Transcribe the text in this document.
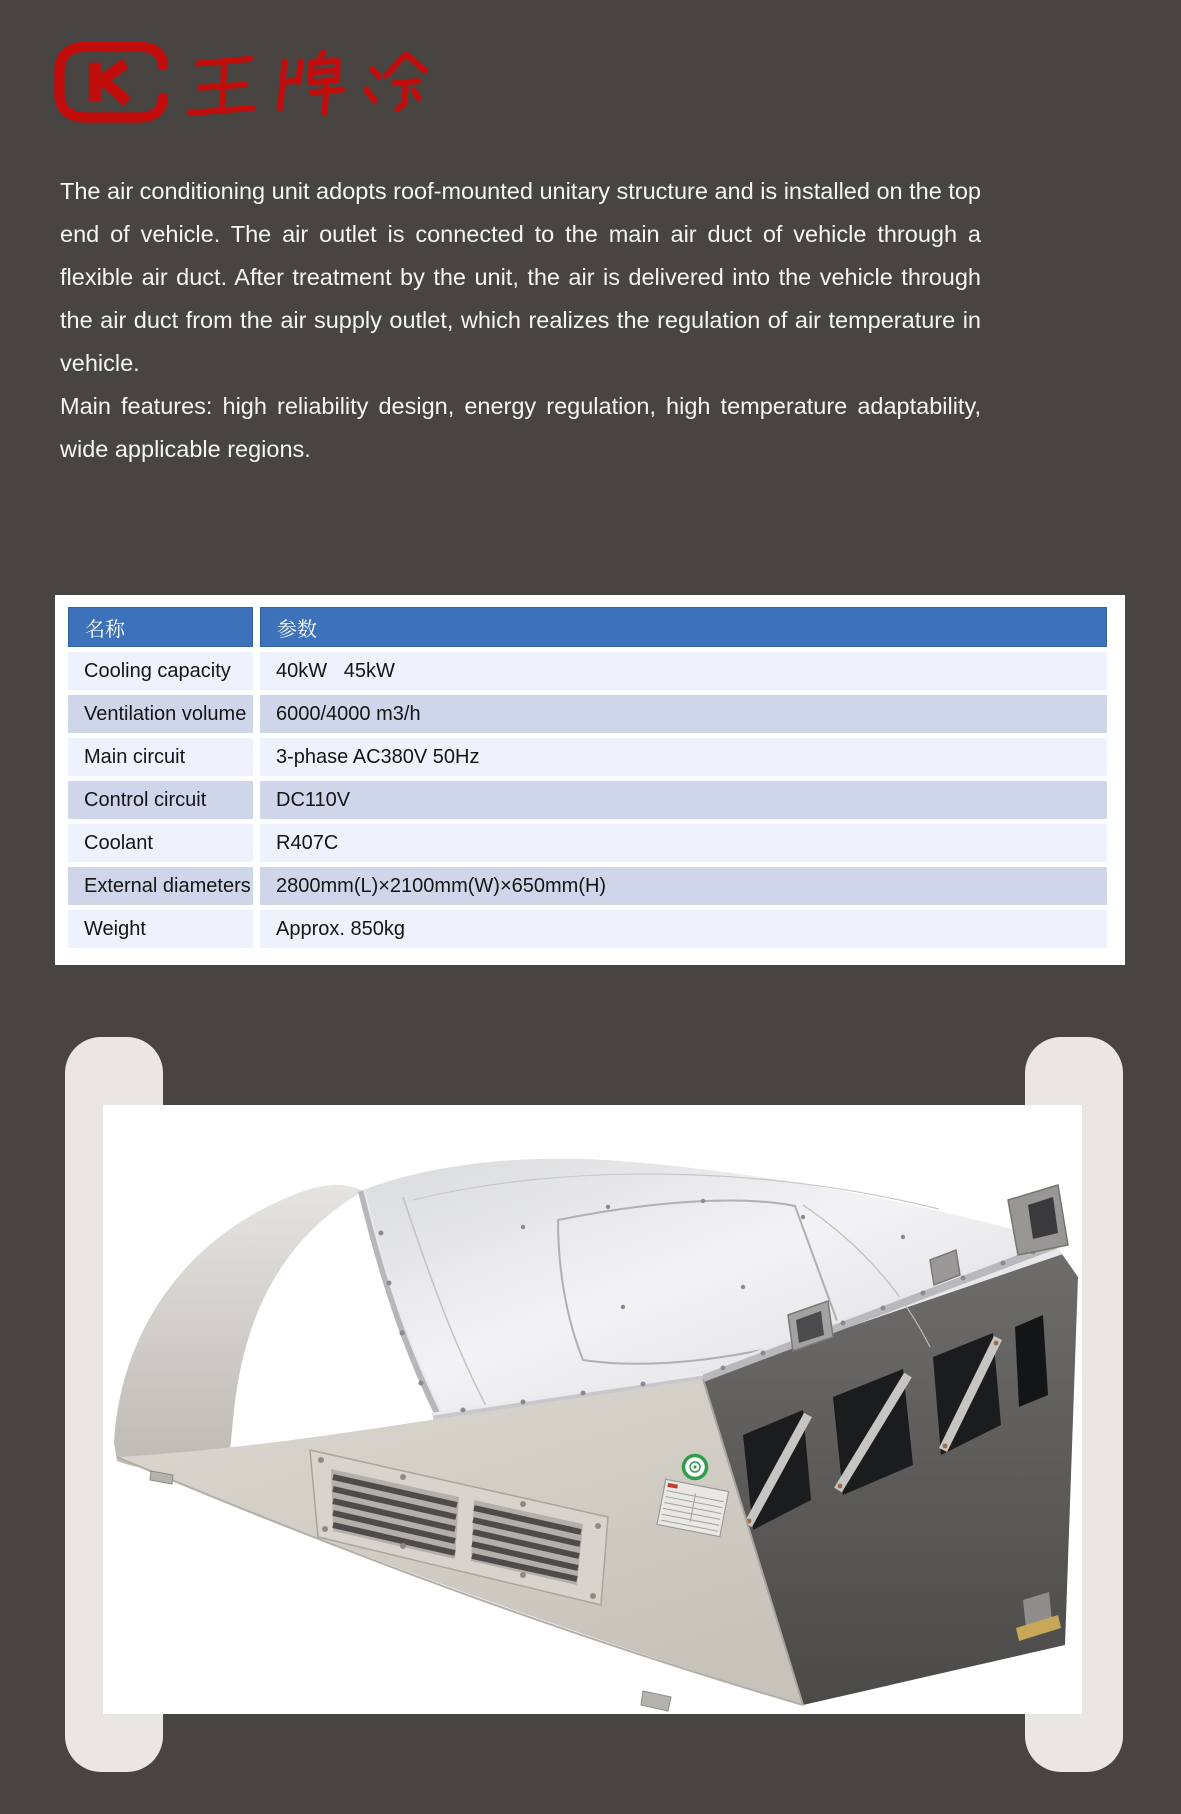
The air conditioning unit adopts roof-mounted unitary structure and is installed on the top end of vehicle. The air outlet is connected to the main air duct of vehicle through a flexible air duct. After treatment by the unit, the air is delivered into the vehicle through the air duct from the air supply outlet, which realizes the regulation of air temperature in vehicle.

Main features: high reliability design, energy regulation, high temperature adaptability, wide applicable regions.

名称	参数
Cooling capacity	40kW   45kW
Ventilation volume	6000/4000 m3/h
Main circuit	3-phase AC380V 50Hz
Control circuit	DC110V
Coolant	R407C
External diameters	2800mm(L)×2100mm(W)×650mm(H)
Weight	Approx. 850kg
